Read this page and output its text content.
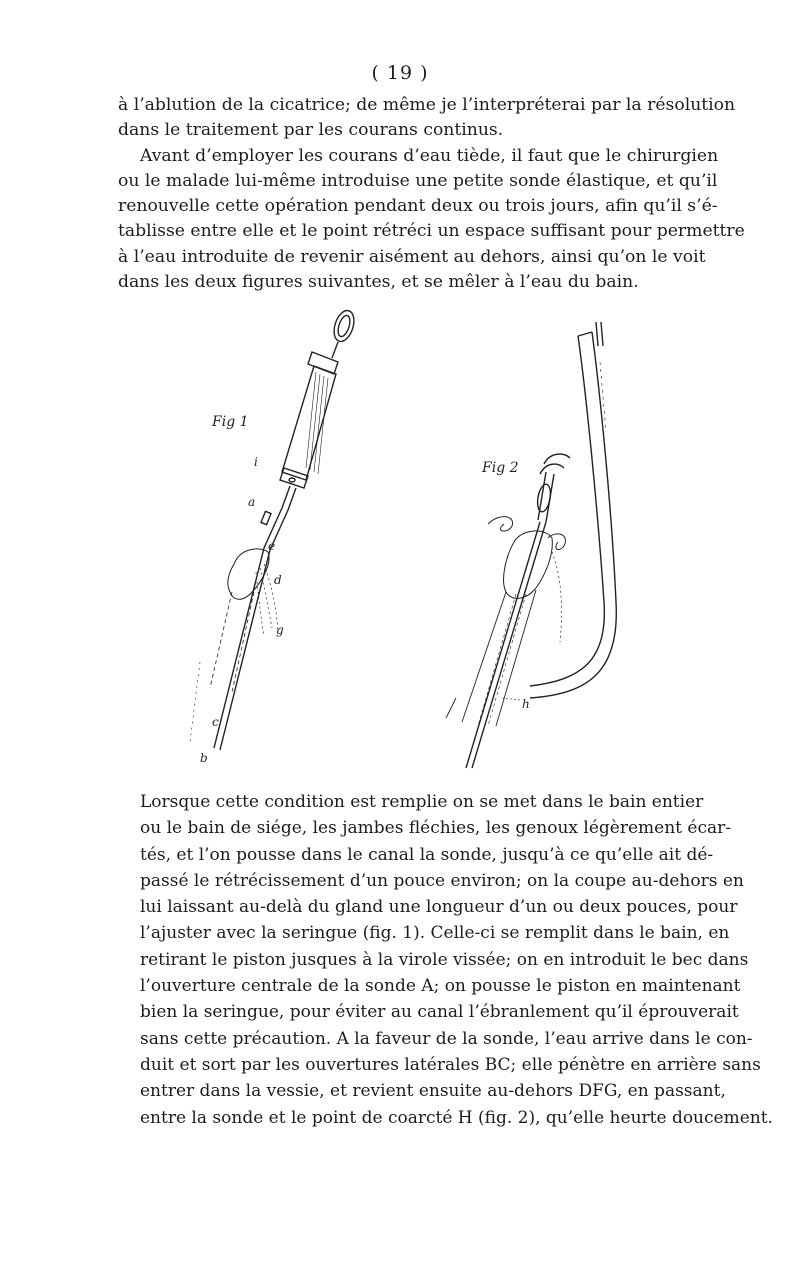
( 19 )
à l’ablution de la cicatrice; de même je l’interpréterai par la résolution
dans le traitement par les courans continus.
Avant d’employer les courans d’eau tiède, il faut que le chirurgien
ou le malade lui-même introduise une petite sonde élastique, et qu’il
renouvelle cette opération pendant deux ou trois jours, afin qu’il s’é-
tablisse entre elle et le point rétréci un espace suffisant pour permettre
à l’eau introduite de revenir aisément au dehors, ainsi qu’on le voit
dans les deux figures suivantes, et se mêler à l’eau du bain.
Fig 1
i
a
e
d
g
c
b
Fig 2
h
Lorsque cette condition est remplie on se met dans le bain entier
ou le bain de siége, les jambes fléchies, les genoux légèrement écar-
tés, et l’on pousse dans le canal la sonde, jusqu’à ce qu’elle ait dé-
passé le rétrécissement d’un pouce environ; on la coupe au-dehors en
lui laissant au-delà du gland une longueur d’un ou deux pouces, pour
l’ajuster avec la seringue (fig. 1). Celle-ci se remplit dans le bain, en
retirant le piston jusques à la virole vissée; on en introduit le bec dans
l’ouverture centrale de la sonde A; on pousse le piston en maintenant
bien la seringue, pour éviter au canal l’ébranlement qu’il éprouverait
sans cette précaution. A la faveur de la sonde, l’eau arrive dans le con-
duit et sort par les ouvertures latérales BC; elle pénètre en arrière sans
entrer dans la vessie, et revient ensuite au-dehors DFG, en passant,
entre la sonde et le point de coarcté H (fig. 2), qu’elle heurte doucement.
